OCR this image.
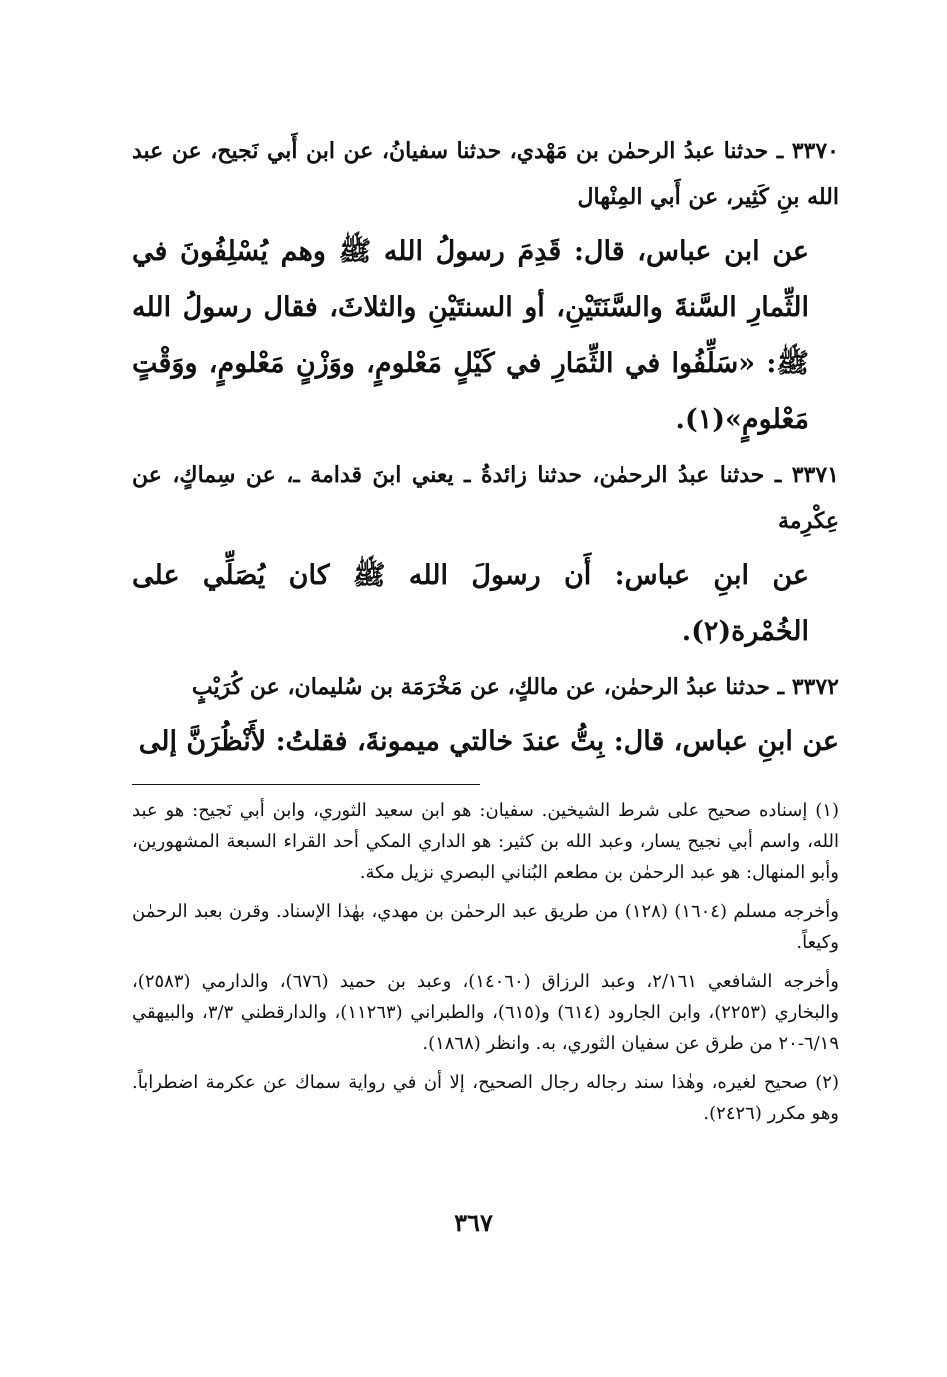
٣٣٧٠ ـ حدثنا عبدُ الرحمٰن بن مَهْدي، حدثنا سفيانُ، عن ابن أَبي نَجيح، عن عبد الله بنِ كَثِير، عن أَبي المِنْهال

عن ابن عباس، قال: قَدِمَ رسولُ الله ﷺ وهم يُسْلِفُونَ في الثِّمارِ السَّنةَ والسَّنَتَيْنِ، أو السنتَيْنِ والثلاثَ، فقال رسولُ الله ﷺ: «سَلِّفُوا في الثِّمَارِ في كَيْلٍ مَعْلومٍ، ووَزْنٍ مَعْلومٍ، ووَقْتٍ مَعْلومٍ»(١).

٣٣٧١ ـ حدثنا عبدُ الرحمٰن، حدثنا زائدةُ ـ يعني ابنَ قدامة ـ، عن سِماكٍ، عن عِكْرِمة

عن ابنِ عباس: أَن رسولَ الله ﷺ كان يُصَلِّي على الخُمْرة(٢).

٣٣٧٢ ـ حدثنا عبدُ الرحمٰن، عن مالكٍ، عن مَخْرَمَة بن سُليمان، عن كُرَيْبٍ

عن ابنِ عباس، قال: بِتُّ عندَ خالتي ميمونةَ، فقلتُ: لأَنْظُرَنَّ إلى

(١) إسناده صحيح على شرط الشيخين. سفيان: هو ابن سعيد الثوري، وابن أبي نَجيح: هو عبد الله، واسم أبي نجيح يسار، وعبد الله بن كثير: هو الداري المكي أحد القراء السبعة المشهورين، وأبو المنهال: هو عبد الرحمٰن بن مطعم البُناني البصري نزيل مكة.

وأخرجه مسلم (١٦٠٤) (١٢٨) من طريق عبد الرحمٰن بن مهدي، بهٰذا الإسناد. وقرن بعبد الرحمٰن وكيعاً.

وأخرجه الشافعي ٢/١٦١، وعبد الرزاق (١٤٠٦٠)، وعبد بن حميد (٦٧٦)، والدارمي (٢٥٨٣)، والبخاري (٢٢٥٣)، وابن الجارود (٦١٤) و(٦١٥)، والطبراني (١١٢٦٣)، والدارقطني ٣/٣، والبيهقي ٦/١٩-٢٠ من طرق عن سفيان الثوري، به. وانظر (١٨٦٨).

(٢) صحيح لغيره، وهٰذا سند رجاله رجال الصحيح، إلا أن في رواية سماك عن عكرمة اضطراباً. وهو مكرر (٢٤٢٦).

٣٦٧
